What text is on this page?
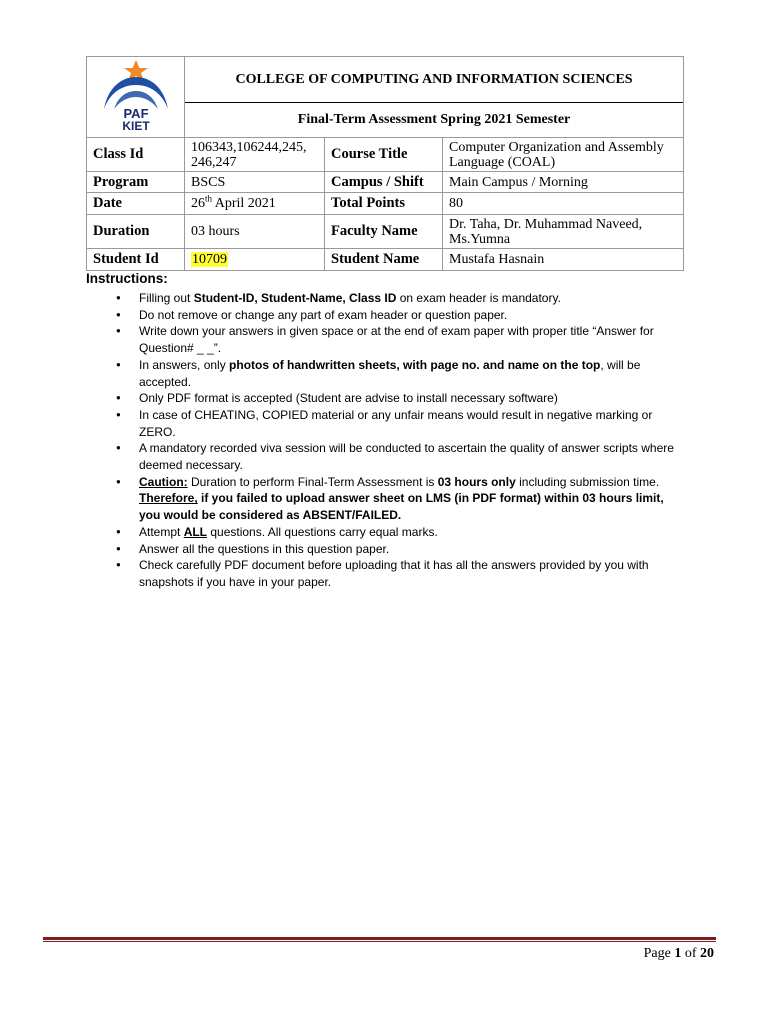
PAF
KIET	COLLEGE OF COMPUTING AND INFORMATION SCIENCES		
	Final-Term Assessment Spring 2021 Semester		
Class Id	106343,106244,245, 246,247	Course Title	Computer Organization and Assembly Language (COAL)
Program	BSCS	Campus / Shift	Main Campus / Morning
Date	26th April 2021	Total Points	80
Duration	03 hours	Faculty Name	Dr. Taha, Dr. Muhammad Naveed, Ms.Yumna
Student Id	10709	Student Name	Mustafa Hasnain
Instructions:
● Filling out Student-ID, Student-Name, Class ID on exam header is mandatory.
● Do not remove or change any part of exam header or question paper.
● Write down your answers in given space or at the end of exam paper with proper title “Answer for Question# _ _”.
● In answers, only photos of handwritten sheets, with page no. and name on the top, will be accepted.
● Only PDF format is accepted (Student are advise to install necessary software)
● In case of CHEATING, COPIED material or any unfair means would result in negative marking or ZERO.
● A mandatory recorded viva session will be conducted to ascertain the quality of answer scripts where deemed necessary.
● Caution: Duration to perform Final-Term Assessment is 03 hours only including submission time. Therefore, if you failed to upload answer sheet on LMS (in PDF format) within 03 hours limit, you would be considered as ABSENT/FAILED.
● Attempt ALL questions. All questions carry equal marks.
● Answer all the questions in this question paper.
● Check carefully PDF document before uploading that it has all the answers provided by you with snapshots if you have in your paper.
Page 1 of 20
